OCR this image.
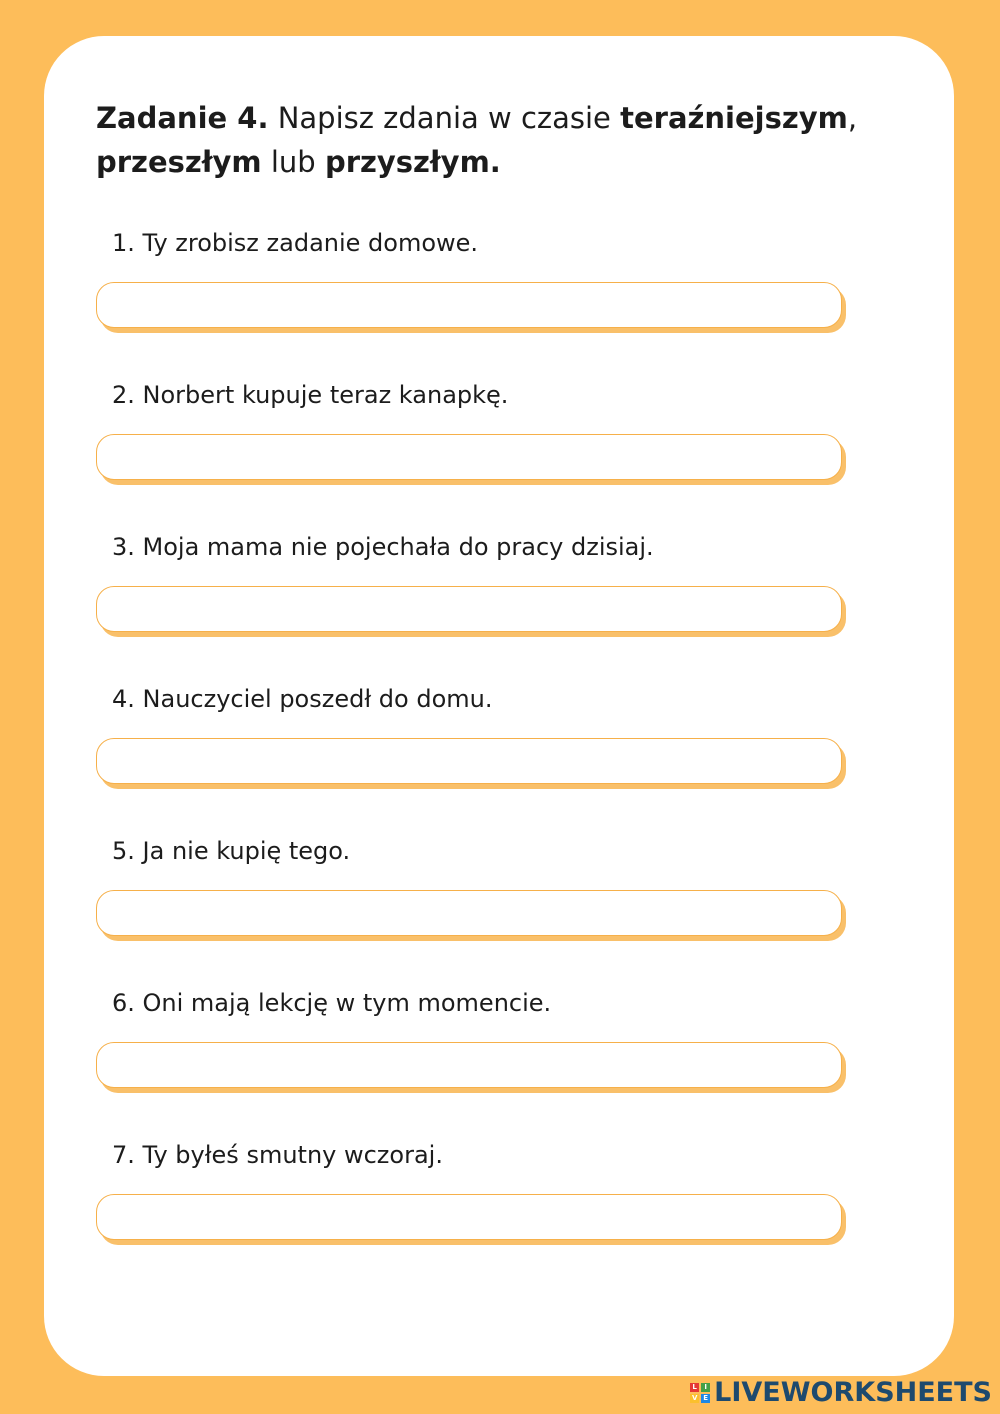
Zadanie 4. Napisz zdania w czasie teraźniejszym,
przeszłym lub przyszłym.

1. Ty zrobisz zadanie domowe.

2. Norbert kupuje teraz kanapkę.

3. Moja mama nie pojechała do pracy dzisiaj.

4. Nauczyciel poszedł do domu.

5. Ja nie kupię tego.

6. Oni mają lekcję w tym momencie.

7. Ty byłeś smutny wczoraj.

L	I
V E LIVEWORKSHEETS
